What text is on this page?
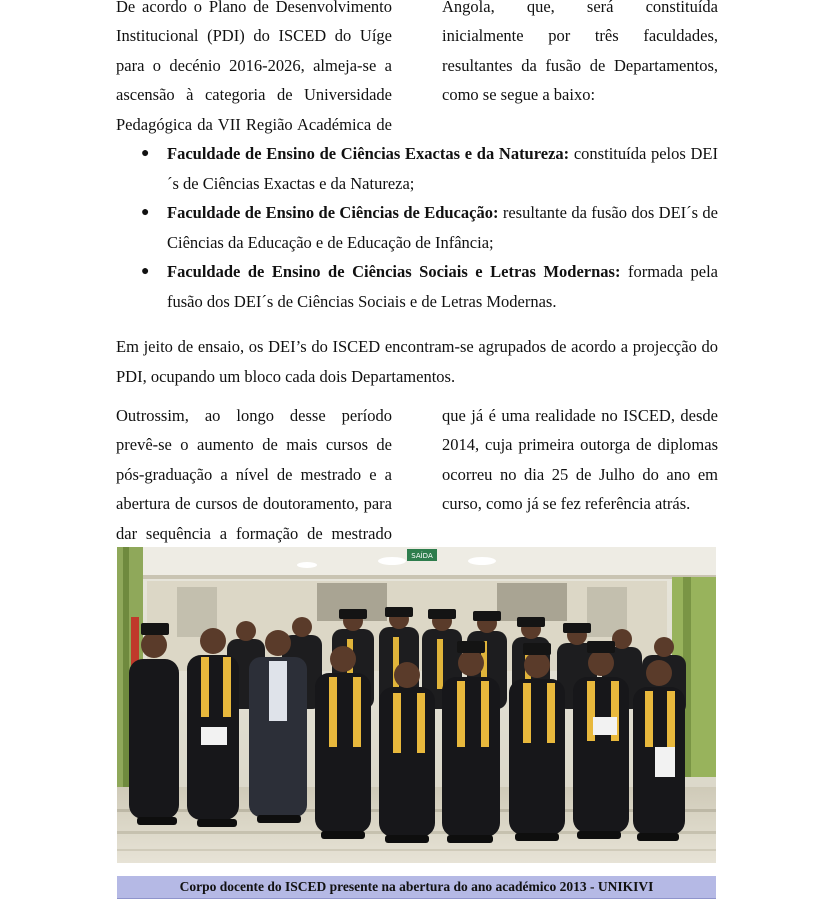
De acordo o Plano de Desenvolvimento

Institucional (PDI) do ISCED do Uíge

para o decénio 2016-2026, almeja-se a

ascensão à categoria de Universidade

Pedagógica da VII Região Académica de

Angola, que, será constituída

inicialmente por três faculdades,

resultantes da fusão de Departamentos,

como se segue a baixo:

● Faculdade de Ensino de Ciências Exactas e da Natureza: constituída pelos DEI´s de Ciências Exactas e da Natureza;
● Faculdade de Ensino de Ciências de Educação: resultante da fusão dos DEI´s de Ciências da Educação e de Educação de Infância;
● Faculdade de Ensino de Ciências Sociais e Letras Modernas: formada pela fusão dos DEI´s de Ciências Sociais e de Letras Modernas.

Em jeito de ensaio, os DEI’s do ISCED encontram-se agrupados de acordo a projecção do PDI, ocupando um bloco cada dois Departamentos.

Outrossim, ao longo desse período

prevê-se o aumento de mais cursos de

pós-graduação a nível de mestrado e a

abertura de cursos de doutoramento, para

dar sequência a formação de mestrado

que já é uma realidade no ISCED, desde

2014, cuja primeira outorga de diplomas

ocorreu no dia 25 de Julho do ano em

curso, como já se fez referência atrás.

SAÍDA
Corpo docente do ISCED presente na abertura do ano académico 2013 - UNIKIVI
